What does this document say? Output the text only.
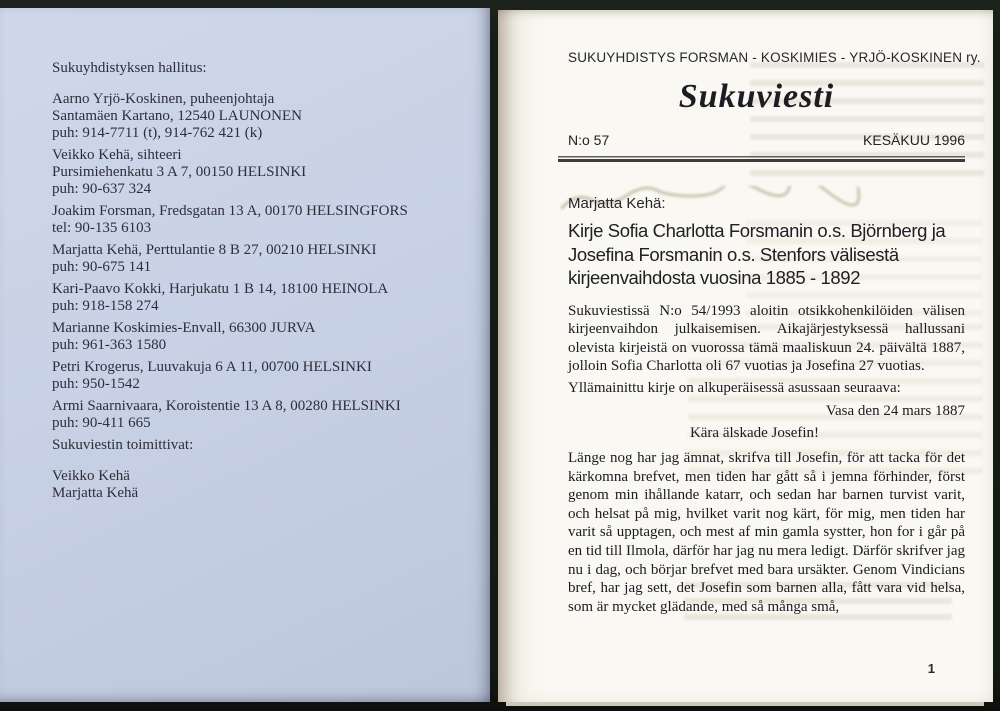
Sukuyhdistyksen hallitus:
Aarno Yrjö-Koskinen, puheenjohtaja
Santamäen Kartano, 12540 LAUNONEN
puh: 914-7711 (t), 914-762 421 (k)
Veikko Kehä, sihteeri
Pursimiehenkatu 3 A 7, 00150 HELSINKI
puh: 90-637 324
Joakim Forsman, Fredsgatan 13 A, 00170 HELSINGFORS
tel: 90-135 6103
Marjatta Kehä, Perttulantie 8 B 27, 00210 HELSINKI
puh: 90-675 141
Kari-Paavo Kokki, Harjukatu 1 B 14, 18100 HEINOLA
puh: 918-158 274
Marianne Koskimies-Envall, 66300 JURVA
puh: 961-363 1580
Petri Krogerus, Luuvakuja 6 A 11, 00700 HELSINKI
puh: 950-1542
Armi Saarnivaara, Koroistentie 13 A 8, 00280 HELSINKI
puh: 90-411 665
Sukuviestin toimittivat:
Veikko Kehä
Marjatta Kehä
SUKUYHDISTYS FORSMAN - KOSKIMIES - YRJÖ-KOSKINEN ry.
Sukuviesti
N:o 57	KESÄKUU 1996
Marjatta Kehä:
Kirje Sofia Charlotta Forsmanin o.s. Björnberg ja
Josefina Forsmanin o.s. Stenfors välisestä
kirjeenvaihdosta vuosina 1885 - 1892
Sukuviestissä N:o 54/1993 aloitin otsikkohenkilöiden välisen kirjeenvaihdon julkaisemisen. Aikajärjestyksessä hallussani olevista kirjeistä on vuorossa tämä maaliskuun 24. päivältä 1887, jolloin Sofia Charlotta oli 67 vuotias ja Josefina 27 vuotias.
Yllämainittu kirje on alkuperäisessä asussaan seuraava:
Vasa den 24 mars 1887
Kära älskade Josefin!
Länge nog har jag ämnat, skrifva till Josefin, för att tacka för det kärkomna brefvet, men tiden har gått så i jemna förhinder, först genom min ihållande katarr, och sedan har barnen turvist varit, och helsat på mig, hvilket varit nog kärt, för mig, men tiden har varit så upptagen, och mest af min gamla systter, hon for i går på en tid till Ilmola, därför har jag nu mera ledigt. Därför skrifver jag nu i dag, och börjar brefvet med bara ursäkter. Genom Vindicians bref, har jag sett, det Josefin som barnen alla, fått vara vid helsa, som är mycket glädande, med så många små,
1
